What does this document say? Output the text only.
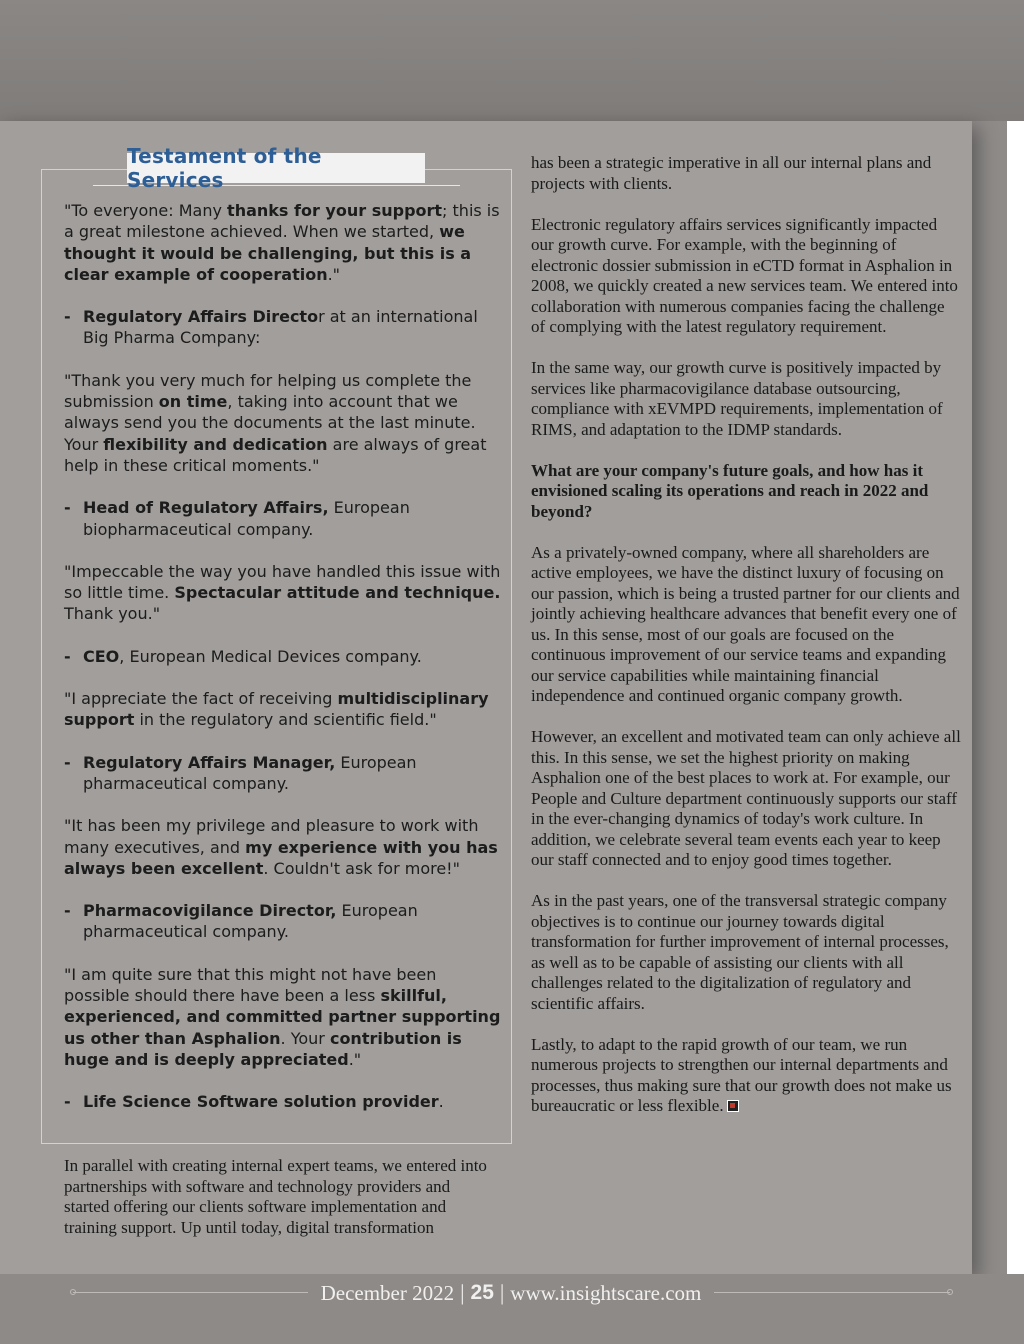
Testament of the Services

"To everyone: Many thanks for your support; this is a great milestone achieved. When we started, we thought it would be challenging, but this is a clear example of cooperation."

- Regulatory Affairs Director at an international Big Pharma Company:

"Thank you very much for helping us complete the submission on time, taking into account that we always send you the documents at the last minute. Your flexibility and dedication are always of great help in these critical moments."

- Head of Regulatory Affairs, European biopharmaceutical company.

"Impeccable the way you have handled this issue with so little time. Spectacular attitude and technique. Thank you."

- CEO, European Medical Devices company.

"I appreciate the fact of receiving multidisciplinary support in the regulatory and scientific field."

- Regulatory Affairs Manager, European pharmaceutical company.

"It has been my privilege and pleasure to work with many executives, and my experience with you has always been excellent. Couldn't ask for more!"

- Pharmacovigilance Director, European pharmaceutical company.

"I am quite sure that this might not have been possible should there have been a less skillful, experienced, and committed partner supporting us other than Asphalion. Your contribution is huge and is deeply appreciated."

- Life Science Software solution provider.

In parallel with creating internal expert teams, we entered into partnerships with software and technology providers and started offering our clients software implementation and training support. Up until today, digital transformation

has been a strategic imperative in all our internal plans and projects with clients.

Electronic regulatory affairs services significantly impacted our growth curve. For example, with the beginning of electronic dossier submission in eCTD format in Asphalion in 2008, we quickly created a new services team. We entered into collaboration with numerous companies facing the challenge of complying with the latest regulatory requirement.

In the same way, our growth curve is positively impacted by services like pharmacovigilance database outsourcing, compliance with xEVMPD requirements, implementation of RIMS, and adaptation to the IDMP standards.

What are your company's future goals, and how has it envisioned scaling its operations and reach in 2022 and beyond?

As a privately-owned company, where all shareholders are active employees, we have the distinct luxury of focusing on our passion, which is being a trusted partner for our clients and jointly achieving healthcare advances that benefit every one of us. In this sense, most of our goals are focused on the continuous improvement of our service teams and expanding our service capabilities while maintaining financial independence and continued organic company growth.

However, an excellent and motivated team can only achieve all this. In this sense, we set the highest priority on making Asphalion one of the best places to work at. For example, our People and Culture department continuously supports our staff in the ever-changing dynamics of today's work culture. In addition, we celebrate several team events each year to keep our staff connected and to enjoy good times together.

As in the past years, one of the transversal strategic company objectives is to continue our journey towards digital transformation for further improvement of internal processes, as well as to be capable of assisting our clients with all challenges related to the digitalization of regulatory and scientific affairs.

Lastly, to adapt to the rapid growth of our team, we run numerous projects to strengthen our internal departments and processes, thus making sure that our growth does not make us bureaucratic or less flexible.

December 2022 | 25 | www.insightscare.com
